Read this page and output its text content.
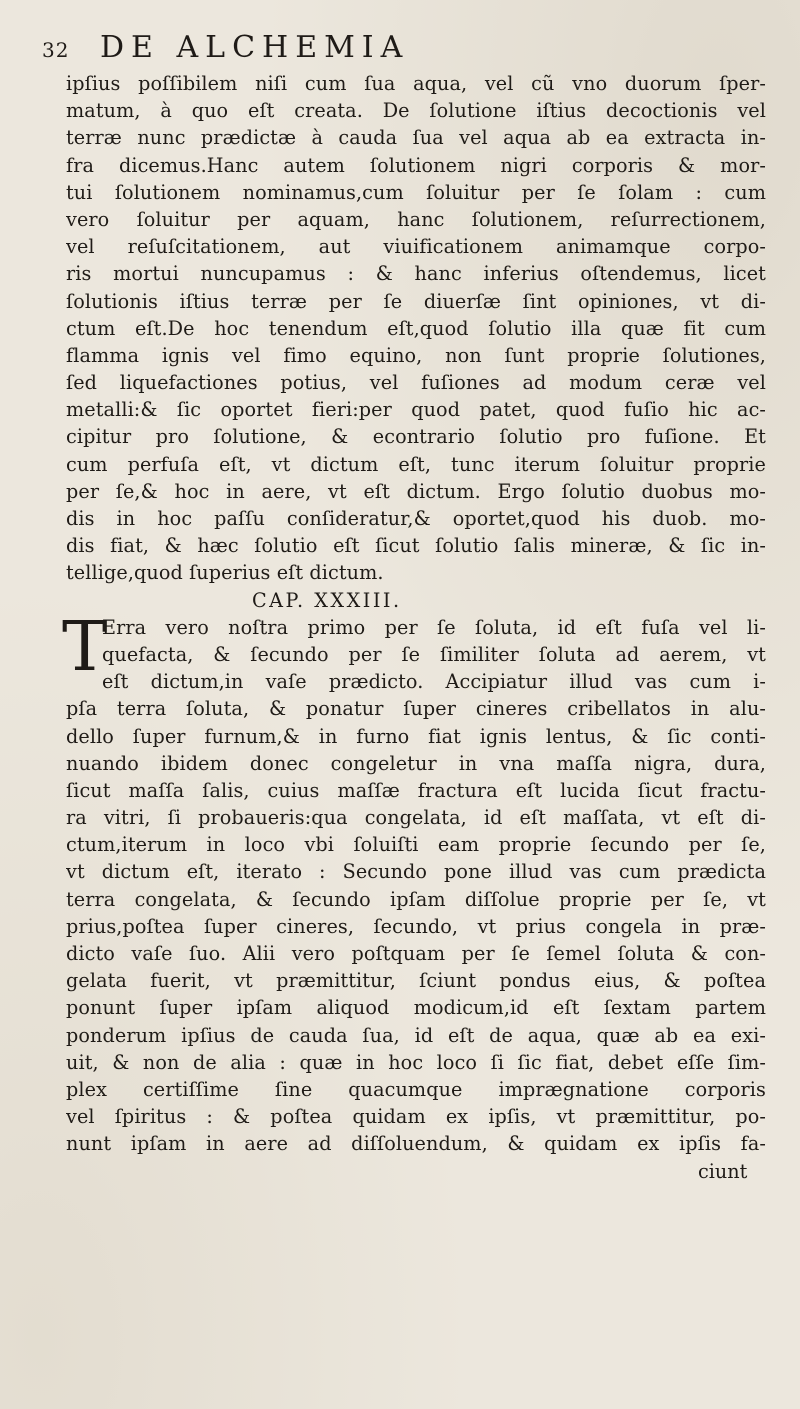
32	DE ALCHEMIA
ipſius poſſibilem niſi cum ſua aqua, vel cũ vno duorum ſper-
matum, à quo eſt creata. De ſolutione iſtius decoctionis vel
terræ nunc prædictæ à cauda ſua vel aqua ab ea extracta in-
fra dicemus.Hanc autem ſolutionem nigri corporis & mor-
tui ſolutionem nominamus,cum ſoluitur per ſe ſolam : cum
vero ſoluitur per aquam, hanc ſolutionem, reſurrectionem,
vel reſuſcitationem, aut viuificationem animamque corpo-
ris mortui nuncupamus : & hanc inferius oſtendemus, licet
ſolutionis iſtius terræ per ſe diuerſæ ſint opiniones, vt di-
ctum eſt.De hoc tenendum eſt,quod ſolutio illa quæ fit cum
flamma ignis vel fimo equino, non ſunt proprie ſolutiones,
ſed liquefactiones potius, vel fuſiones ad modum ceræ vel
metalli:& ſic oportet fieri:per quod patet, quod fuſio hic ac-
cipitur pro ſolutione, & econtrario ſolutio pro fuſione. Et
cum perfuſa eſt, vt dictum eſt, tunc iterum ſoluitur proprie
per ſe,& hoc in aere, vt eſt dictum. Ergo ſolutio duobus mo-
dis in hoc paſſu conſideratur,& oportet,quod his duob. mo-
dis fiat, & hæc ſolutio eſt ſicut ſolutio ſalis mineræ, & ſic in-
tellige,quod ſuperius eſt dictum.
CAP. XXXIII.
T
Erra vero noſtra primo per ſe ſoluta, id eſt fuſa vel li-
quefacta, & ſecundo per ſe ſimiliter ſoluta ad aerem, vt
eſt dictum,in vaſe prædicto. Accipiatur illud vas cum i-
pſa terra ſoluta, & ponatur ſuper cineres cribellatos in alu-
dello ſuper furnum,& in furno fiat ignis lentus, & ſic conti-
nuando ibidem donec congeletur in vna maſſa nigra, dura,
ſicut maſſa ſalis, cuius maſſæ fractura eſt lucida ſicut fractu-
ra vitri, ſi probaueris:qua congelata, id eſt maſſata, vt eſt di-
ctum,iterum in loco vbi ſoluiſti eam proprie ſecundo per ſe,
vt dictum eſt, iterato : Secundo pone illud vas cum prædicta
terra congelata, & ſecundo ipſam diſſolue proprie per ſe, vt
prius,poſtea ſuper cineres, ſecundo, vt prius congela in præ-
dicto vaſe ſuo. Alii vero poſtquam per ſe ſemel ſoluta & con-
gelata fuerit, vt præmittitur, ſciunt pondus eius, & poſtea
ponunt ſuper ipſam aliquod modicum,id eſt ſextam partem
ponderum ipſius de cauda ſua, id eſt de aqua, quæ ab ea exi-
uit, & non de alia : quæ in hoc loco ſi ſic fiat, debet eſſe ſim-
plex certiſſime ſine quacumque imprægnatione corporis
vel ſpiritus : & poſtea quidam ex ipſis, vt præmittitur, po-
nunt ipſam in aere ad diſſoluendum, & quidam ex ipſis fa-
ciunt
